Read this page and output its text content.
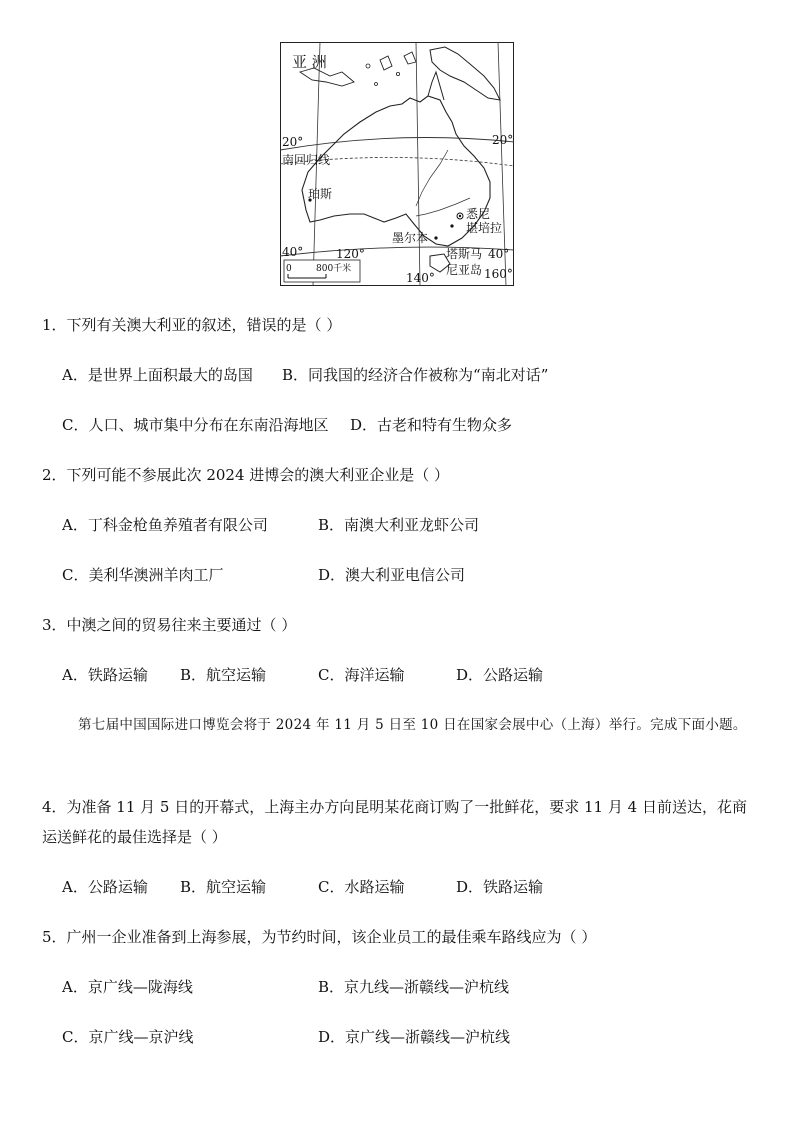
亚 洲
20°	20°
南回归线
珀斯
悉尼
堪培拉
墨尔本
塔斯马
尼亚岛
40°	40°
120°
140°	160°
0	800千米
1．下列有关澳大利亚的叙述，错误的是（ ）
A．是世界上面积最大的岛国 B．同我国的经济合作被称为“南北对话”
C．人口、城市集中分布在东南沿海地区 D．古老和特有生物众多
2．下列可能不参展此次 2024 进博会的澳大利亚企业是（ ）
A．丁科金枪鱼养殖者有限公司	B．南澳大利亚龙虾公司
C．美利华澳洲羊肉工厂	D．澳大利亚电信公司
3．中澳之间的贸易往来主要通过（ ）
A．铁路运输 B．航空运输	C．海洋运输	D．公路运输
第七届中国国际进口博览会将于 2024 年 11 月 5 日至 10 日在国家会展中心（上海）举行。完成下面小题。
4．为准备 11 月 5 日的开幕式，上海主办方向昆明某花商订购了一批鲜花，要求 11 月 4 日前送达，花商运送鲜花的最佳选择是（ ）
A．公路运输 B．航空运输	C．水路运输	D．铁路运输
5．广州一企业准备到上海参展，为节约时间，该企业员工的最佳乘车路线应为（ ）
A．京广线—陇海线	B．京九线—浙赣线—沪杭线
C．京广线—京沪线	D．京广线—浙赣线—沪杭线
